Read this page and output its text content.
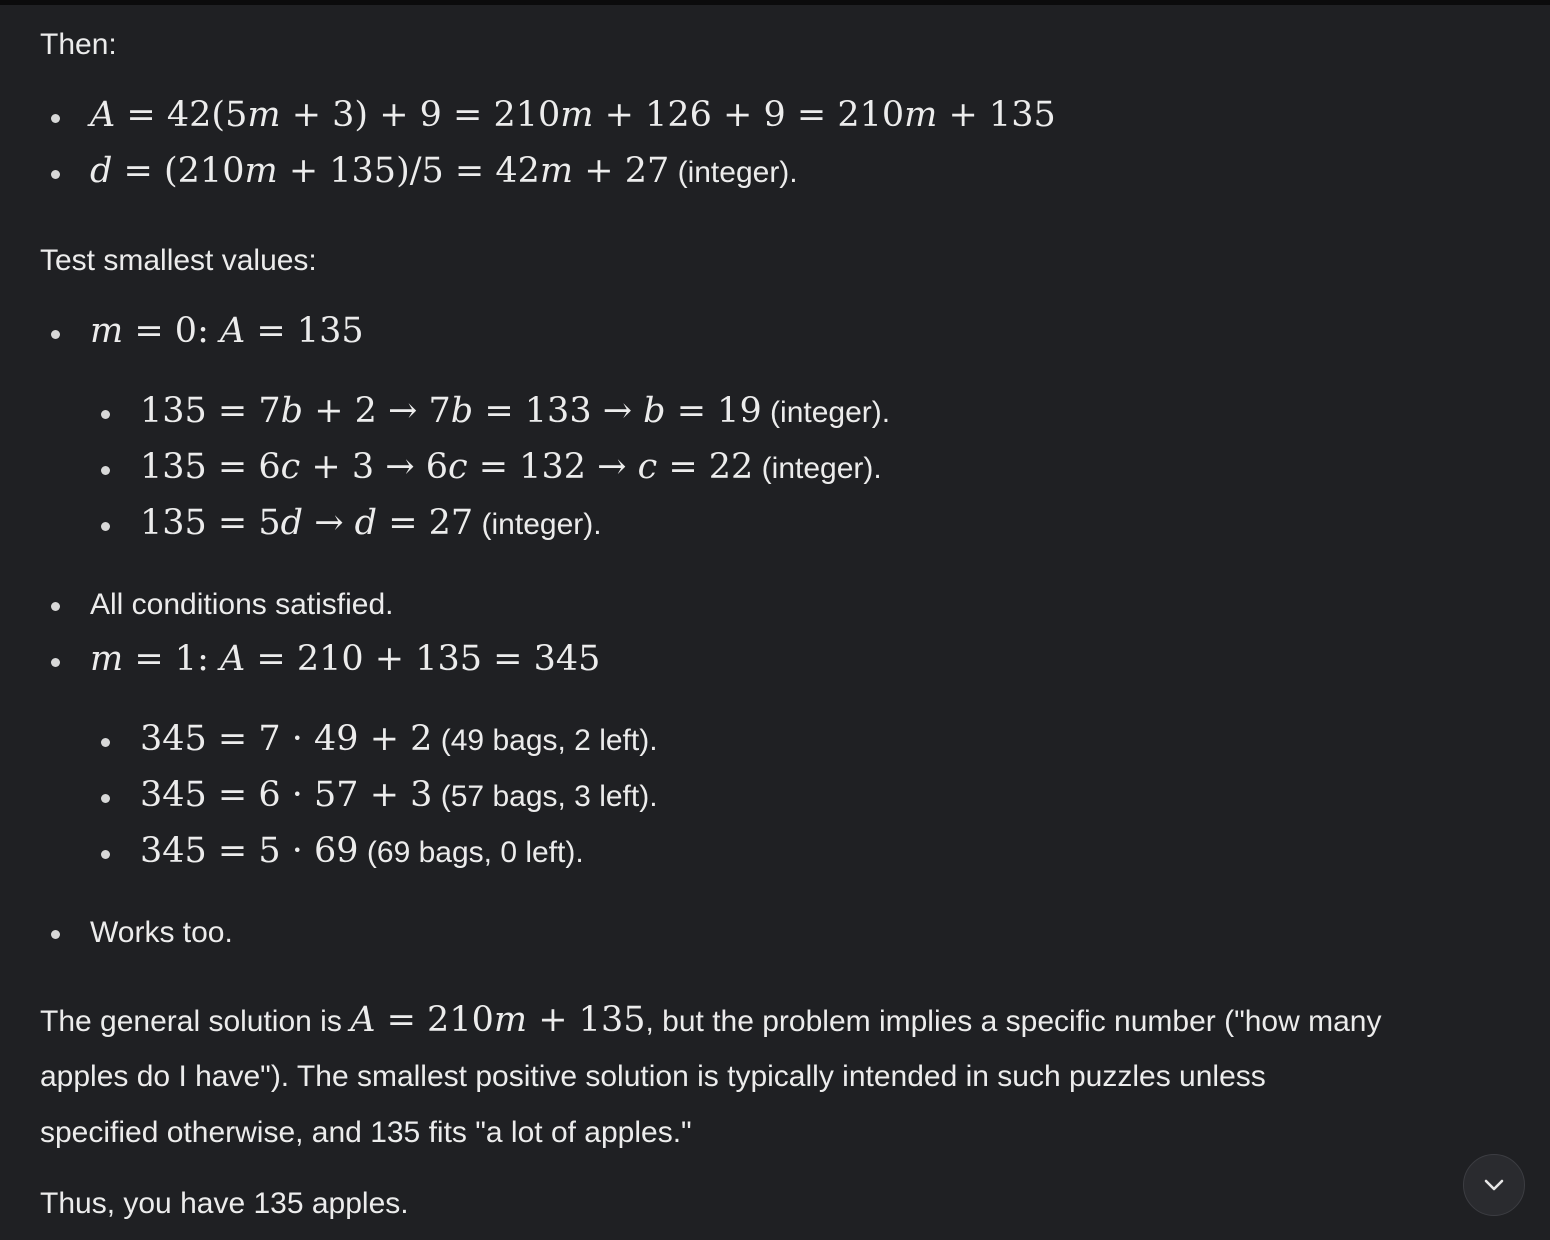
Then:
A = 42(5m + 3) + 9 = 210m + 126 + 9 = 210m + 135
d = (210m + 135)/5 = 42m + 27 (integer).
Test smallest values:
m = 0: A = 135
135 = 7b + 2 → 7b = 133 → b = 19 (integer).
135 = 6c + 3 → 6c = 132 → c = 22 (integer).
135 = 5d → d = 27 (integer).
All conditions satisfied.
m = 1: A = 210 + 135 = 345
345 = 7 · 49 + 2 (49 bags, 2 left).
345 = 6 · 57 + 3 (57 bags, 3 left).
345 = 5 · 69 (69 bags, 0 left).
Works too.
The general solution is A = 210m + 135, but the problem implies a specific number ("how many
apples do I have"). The smallest positive solution is typically intended in such puzzles unless
specified otherwise, and 135 fits "a lot of apples."
Thus, you have 135 apples.
